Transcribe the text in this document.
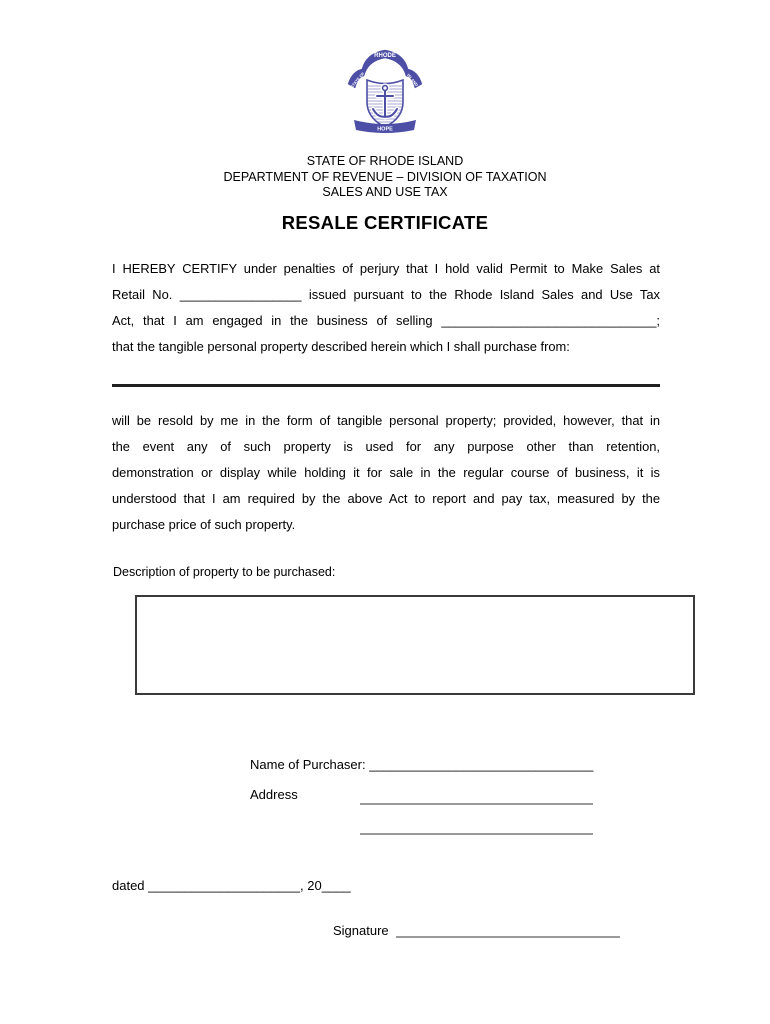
RHODE
STATE OF	ISLAND
HOPE
STATE OF RHODE ISLAND
DEPARTMENT OF REVENUE – DIVISION OF TAXATION
SALES AND USE TAX
RESALE CERTIFICATE
I HEREBY CERTIFY under penalties of perjury that I hold valid Permit to Make Sales at
Retail No. _________________ issued pursuant to the Rhode Island Sales and Use Tax
Act, that I am engaged in the business of selling ______________________________;
that the tangible personal property described herein which I shall purchase from:
will be resold by me in the form of tangible personal property; provided, however, that in
the event any of such property is used for any purpose other than retention,
demonstration or display while holding it for sale in the regular course of business, it is
understood that I am required by the above Act to report and pay tax, measured by the
purchase price of such property.
Description of property to be purchased:
Name of Purchaser: _______________________________
Address
dated _____________________, 20____
Signature
